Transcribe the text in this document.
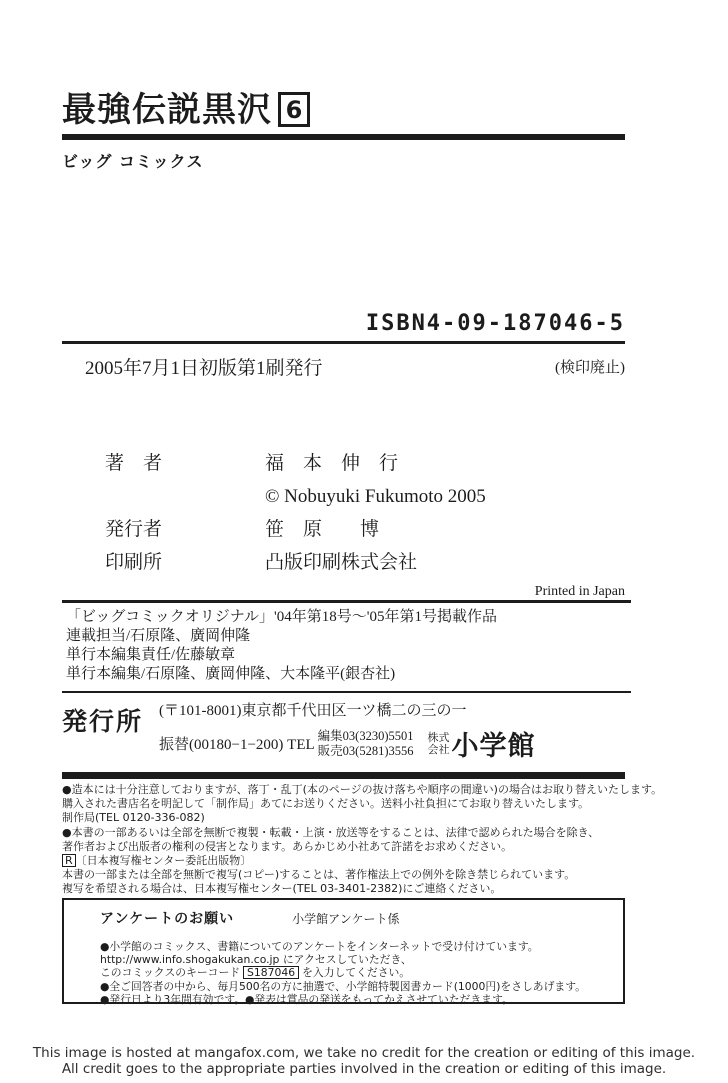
最強伝説黒沢 6
ビッグ コミックス
ISBN4-09-187046-5
2005年7月1日初版第1刷発行	(検印廃止)
著　者	福　本　伸　行
© Nobuyuki Fukumoto 2005
発行者	笹　原　　博
印刷所	凸版印刷株式会社
Printed in Japan
「ビッグコミックオリジナル」'04年第18号〜'05年第1号掲載作品
連載担当/石原隆、廣岡伸隆
単行本編集責任/佐藤敏章
単行本編集/石原隆、廣岡伸隆、大本隆平(銀杏社)
発行所	(〒101-8001)東京都千代田区一ツ橋二の三の一
振替(00180−1−200) TEL
編集03(3230)5501
販売03(5281)3556
株式
会社 小学館
●造本には十分注意しておりますが、落丁・乱丁(本のページの抜け落ちや順序の間違い)の場合はお取り替えいたします。
購入された書店名を明記して「制作局」あてにお送りください。送料小社負担にてお取り替えいたします。
制作局(TEL 0120-336-082)
●本書の一部あるいは全部を無断で複製・転載・上演・放送等をすることは、法律で認められた場合を除き、
著作者および出版者の権利の侵害となります。あらかじめ小社あて許諾をお求めください。
R 〔日本複写権センター委託出版物〕
本書の一部または全部を無断で複写(コピー)することは、著作権法上での例外を除き禁じられています。
複写を希望される場合は、日本複写権センター(TEL 03-3401-2382)にご連絡ください。
アンケートのお願い	小学館アンケート係
●小学館のコミックス、書籍についてのアンケートをインターネットで受け付けています。
http://www.info.shogakukan.co.jp にアクセスしていただき、
このコミックスのキーコード S187046 を入力してください。
●全ご回答者の中から、毎月500名の方に抽選で、小学館特製図書カード(1000円)をさしあげます。
●発行日より3年間有効です。●発表は賞品の発送をもってかえさせていただきます。
This image is hosted at mangafox.com, we take no credit for the creation or editing of this image.
All credit goes to the appropriate parties involved in the creation or editing of this image.
